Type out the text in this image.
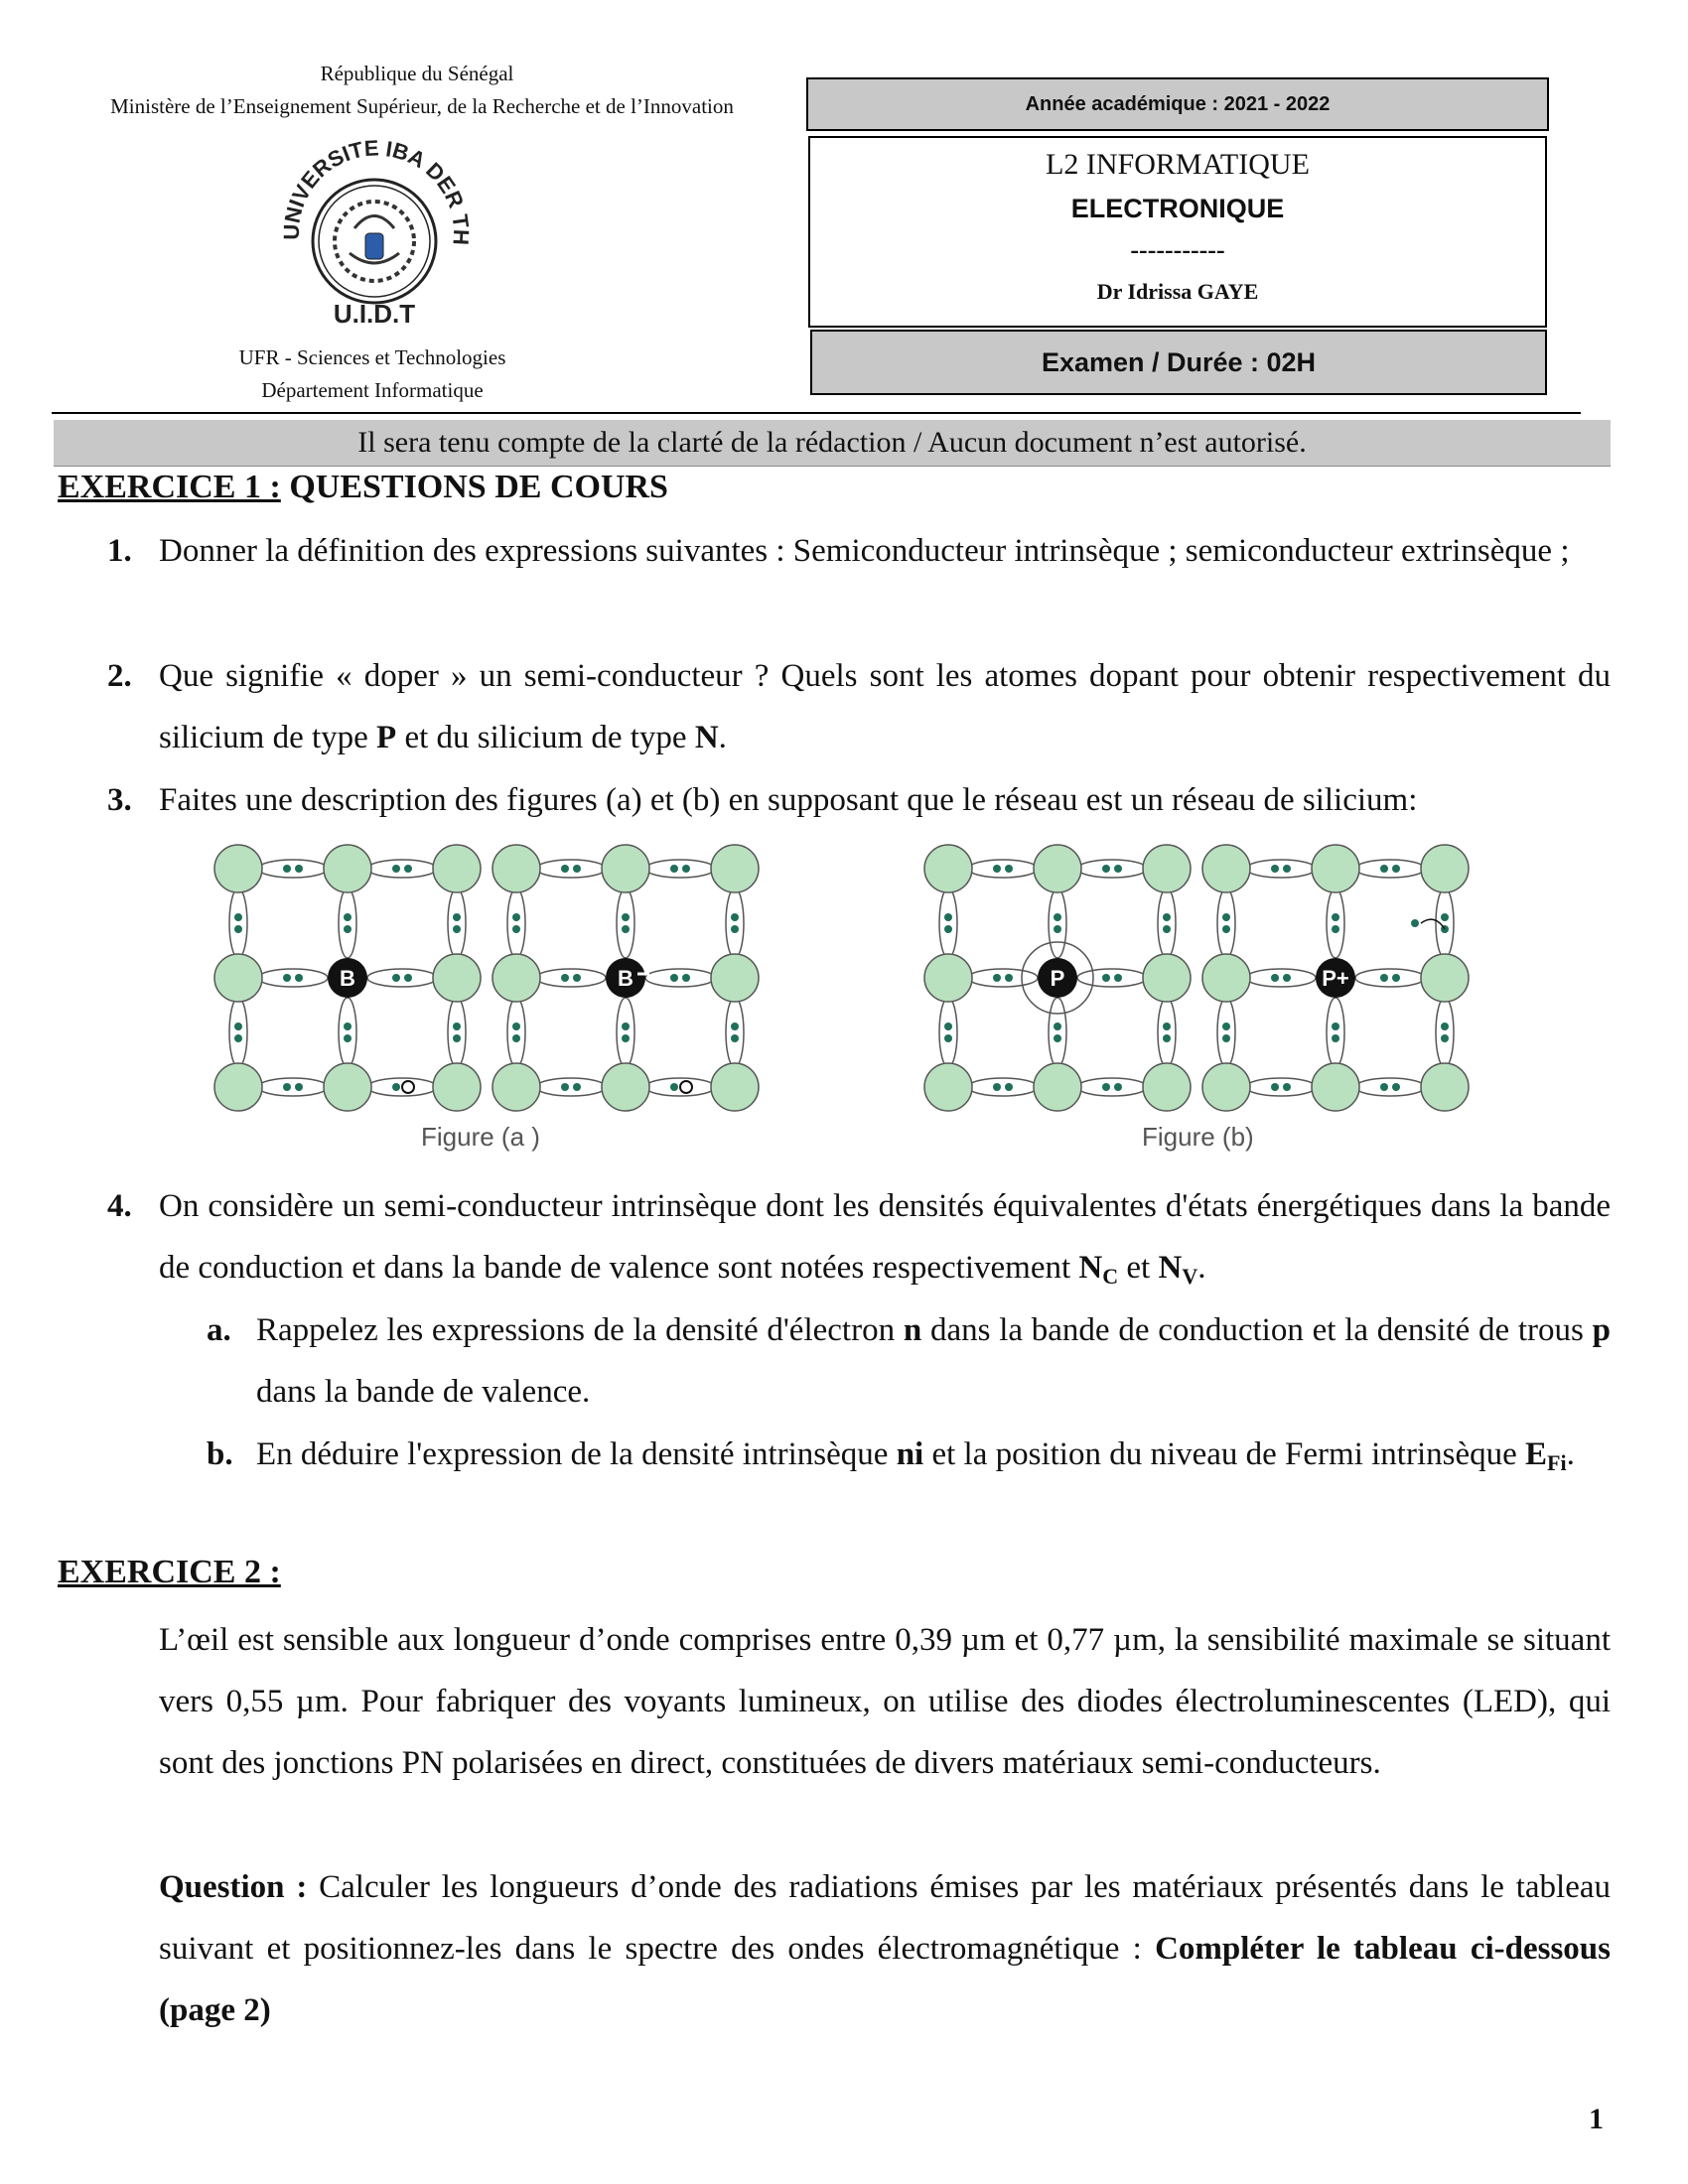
République du Sénégal
Ministère de l’Enseignement Supérieur, de la Recherche et de l’Innovation
UNIVERSITE IBA DER TH
U.I.D.T
UFR - Sciences et Technologies
Département Informatique
Année académique : 2021 - 2022
L2 INFORMATIQUE
ELECTRONIQUE
-----------
Dr Idrissa GAYE
Examen / Durée : 02H
Il sera tenu compte de la clarté de la rédaction / Aucun document n’est autorisé.
EXERCICE 1 : QUESTIONS DE COURS
1. Donner la définition des expressions suivantes : Semiconducteur intrinsèque ; semiconducteur extrinsèque ;
2. Que signifie « doper » un semi-conducteur ? Quels sont les atomes dopant pour obtenir respectivement du silicium de type P et du silicium de type N.
3. Faites une description des figures (a) et (b) en supposant que le réseau est un réseau de silicium:
B	B	P	P+
Figure (a )	Figure (b)
4. On considère un semi-conducteur intrinsèque dont les densités équivalentes d'états énergétiques dans la bande de conduction et dans la bande de valence sont notées respectivement $N_C$ et $N_V$.
a. Rappelez les expressions de la densité d'électron n dans la bande de conduction et la densité de trous p dans la bande de valence.
b. En déduire l'expression de la densité intrinsèque ni et la position du niveau de Fermi intrinsèque $E_{Fi}$.
EXERCICE 2 :
L’œil est sensible aux longueur d’onde comprises entre 0,39 µm et 0,77 µm, la sensibilité maximale se situant vers 0,55 µm. Pour fabriquer des voyants lumineux, on utilise des diodes électroluminescentes (LED), qui sont des jonctions PN polarisées en direct, constituées de divers matériaux semi-conducteurs.
Question : Calculer les longueurs d’onde des radiations émises par les matériaux présentés dans le tableau suivant et positionnez-les dans le spectre des ondes électromagnétique : Compléter le tableau ci-dessous (page 2)
1
